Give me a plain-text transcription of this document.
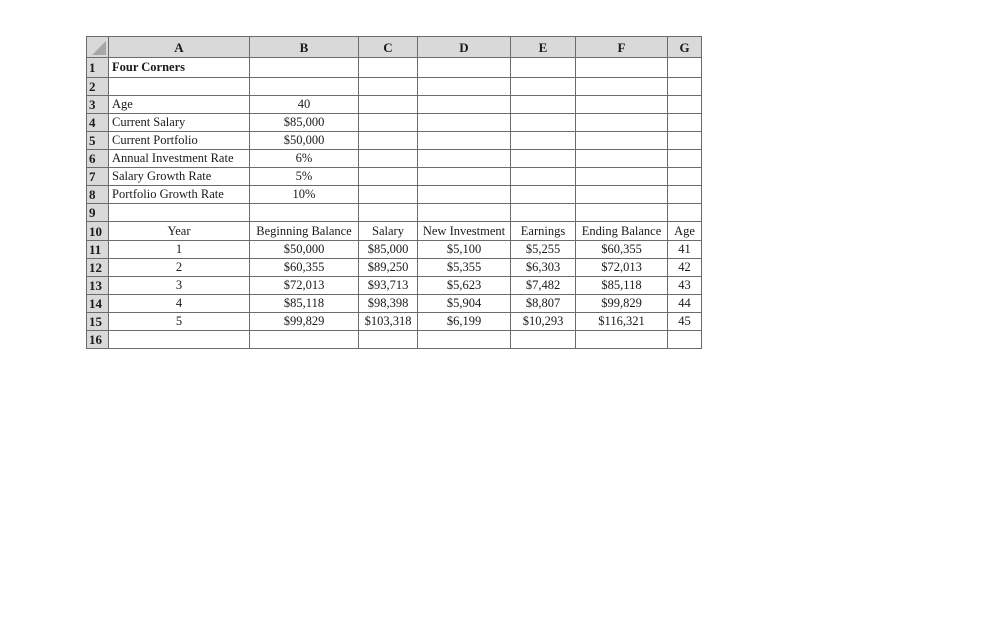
	A	B	C	D	E	F	G
1	Four Corners						
2							
3	Age	40					
4	Current Salary	$85,000					
5	Current Portfolio	$50,000					
6	Annual Investment Rate	6%					
7	Salary Growth Rate	5%					
8	Portfolio Growth Rate	10%					
9							
10	Year	Beginning Balance	Salary	New Investment	Earnings	Ending Balance	Age
11	1	$50,000	$85,000	$5,100	$5,255	$60,355	41
12	2	$60,355	$89,250	$5,355	$6,303	$72,013	42
13	3	$72,013	$93,713	$5,623	$7,482	$85,118	43
14	4	$85,118	$98,398	$5,904	$8,807	$99,829	44
15	5	$99,829	$103,318	$6,199	$10,293	$116,321	45
16							
